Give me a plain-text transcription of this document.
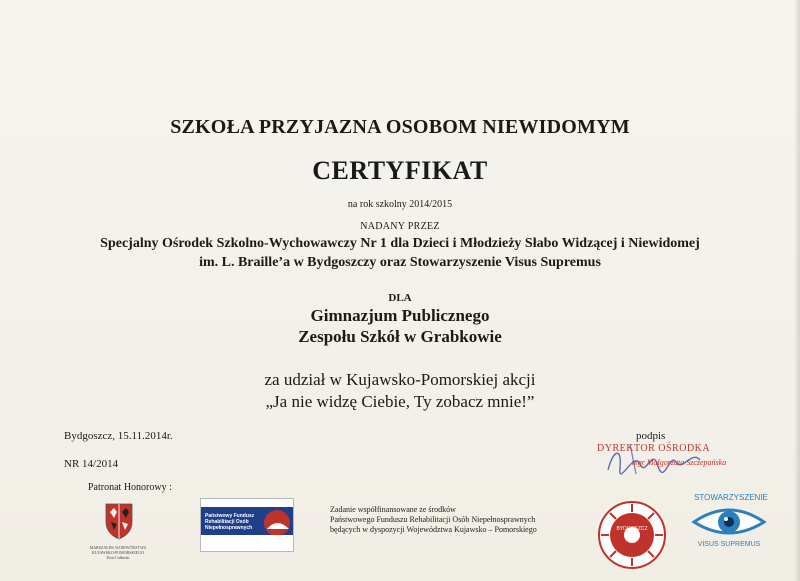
SZKOŁA PRZYJAZNA OSOBOM NIEWIDOMYM
CERTYFIKAT
na rok szkolny 2014/2015
NADANY PRZEZ
Specjalny Ośrodek Szkolno-Wychowawczy Nr 1 dla Dzieci i Młodzieży Słabo Widzącej i Niewidomej
im. L. Braille’a w Bydgoszczy oraz Stowarzyszenie Visus Supremus
DLA
Gimnazjum Publicznego
Zespołu Szkół w Grabkowie
za udział w Kujawsko-Pomorskiej akcji
„Ja nie widzę Ciebie, Ty zobacz mnie!”
Bydgoszcz, 15.11.2014r.
NR 14/2014
Patronat Honorowy :
podpis
DYREKTOR OŚRODKA
mgr Małgorzata Szczepańska
MARSZAŁEK WOJEWÓDZTWA
KUJAWSKO-POMORSKIEGO
Piotr Całbecki
Państwowy Fundusz
Rehabilitacji Osób
Niepełnosprawnych
Zadanie współfinansowane ze środków
Państwowego Funduszu Rehabilitacji Osób Niepełnosprawnych
będących w dyspozycji Województwa Kujawsko – Pomorskiego	BYDGOSZCZ
STOWARZYSZENIE
VISUS SUPREMUS
